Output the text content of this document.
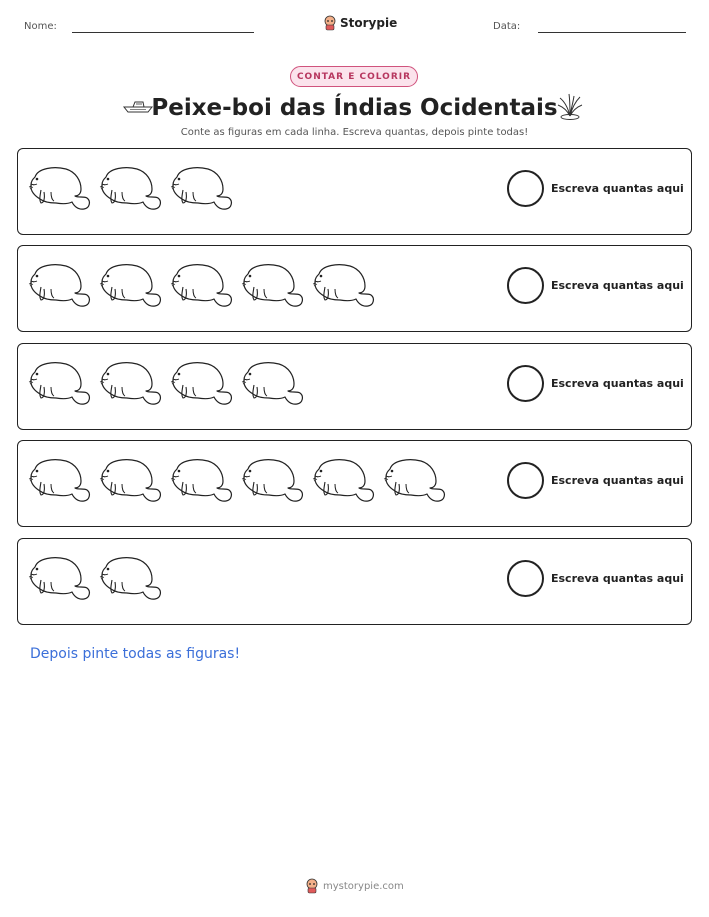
Nome:	Storypie	Data:
CONTAR E COLORIR
Peixe-boi das Índias Ocidentais
Conte as figuras em cada linha. Escreva quantas, depois pinte todas!
Escreva quantas aqui
Escreva quantas aqui
Escreva quantas aqui
Escreva quantas aqui
Escreva quantas aqui
Depois pinte todas as figuras!
mystorypie.com
